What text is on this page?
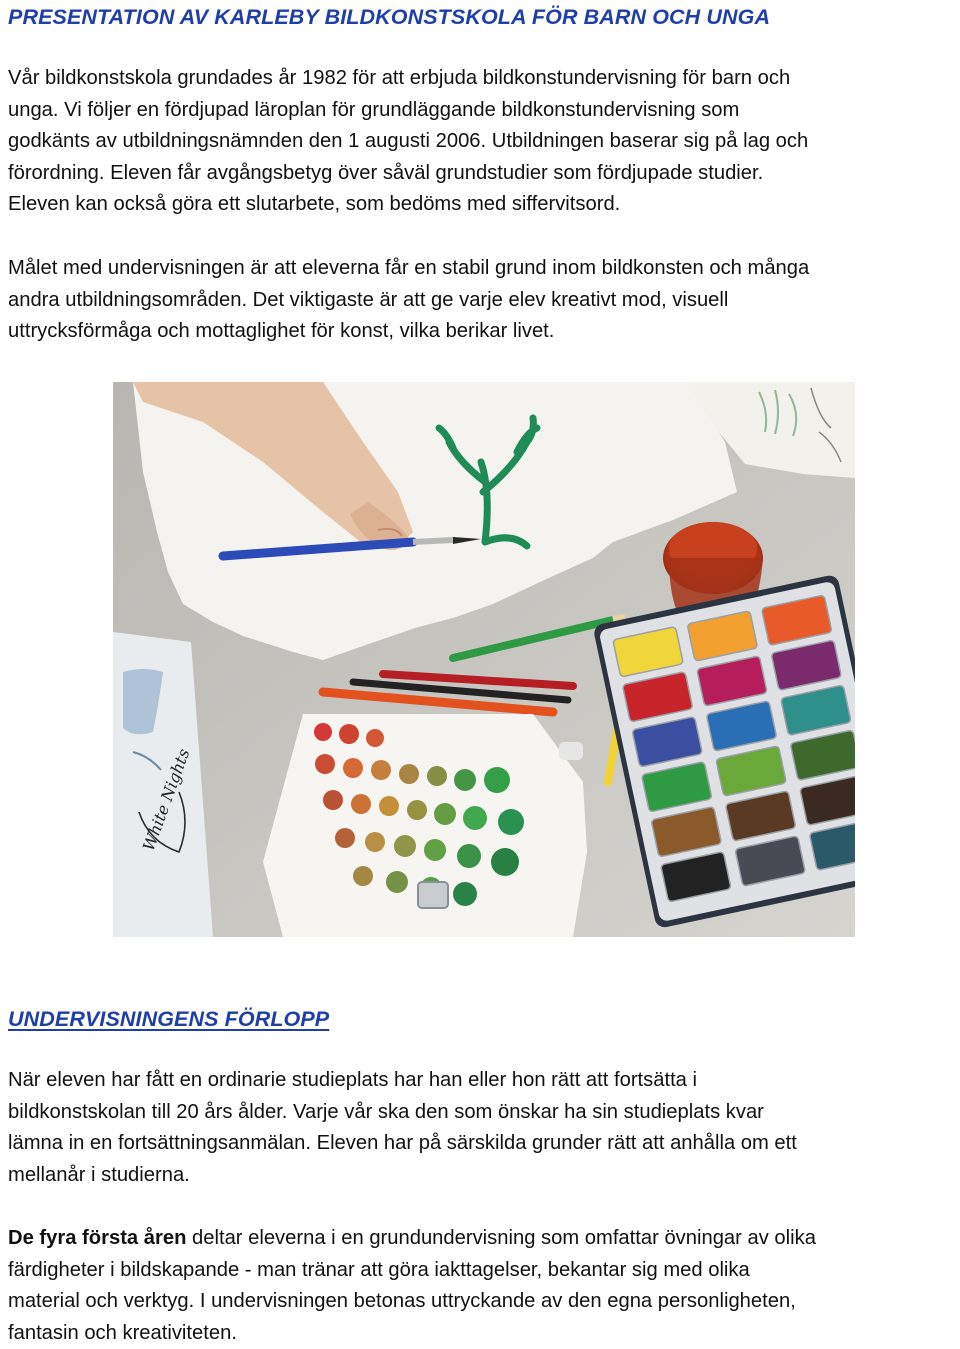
PRESENTATION AV KARLEBY BILDKONSTSKOLA FÖR BARN OCH UNGA

Vår bildkonstskola grundades år 1982 för att erbjuda bildkonstundervisning för barn och
unga. Vi följer en fördjupad läroplan för grundläggande bildkonstundervisning som
godkänts av utbildningsnämnden den 1 augusti 2006. Utbildningen baserar sig på lag och
förordning. Eleven får avgångsbetyg över såväl grundstudier som fördjupade studier.
Eleven kan också göra ett slutarbete, som bedöms med siffervitsord.

Målet med undervisningen är att eleverna får en stabil grund inom bildkonsten och många
andra utbildningsområden. Det viktigaste är att ge varje elev kreativt mod, visuell
uttrycksförmåga och mottaglighet för konst, vilka berikar livet.

White Nights
UNDERVISNINGENS FÖRLOPP

När eleven har fått en ordinarie studieplats har han eller hon rätt att fortsätta i
bildkonstskolan till 20 års ålder. Varje vår ska den som önskar ha sin studieplats kvar
lämna in en fortsättningsanmälan. Eleven har på särskilda grunder rätt att anhålla om ett
mellanår i studierna.

De fyra första åren deltar eleverna i en grundundervisning som omfattar övningar av olika
färdigheter i bildskapande - man tränar att göra iakttagelser, bekantar sig med olika
material och verktyg. I undervisningen betonas uttryckande av den egna personligheten,
fantasin och kreativiteten.
